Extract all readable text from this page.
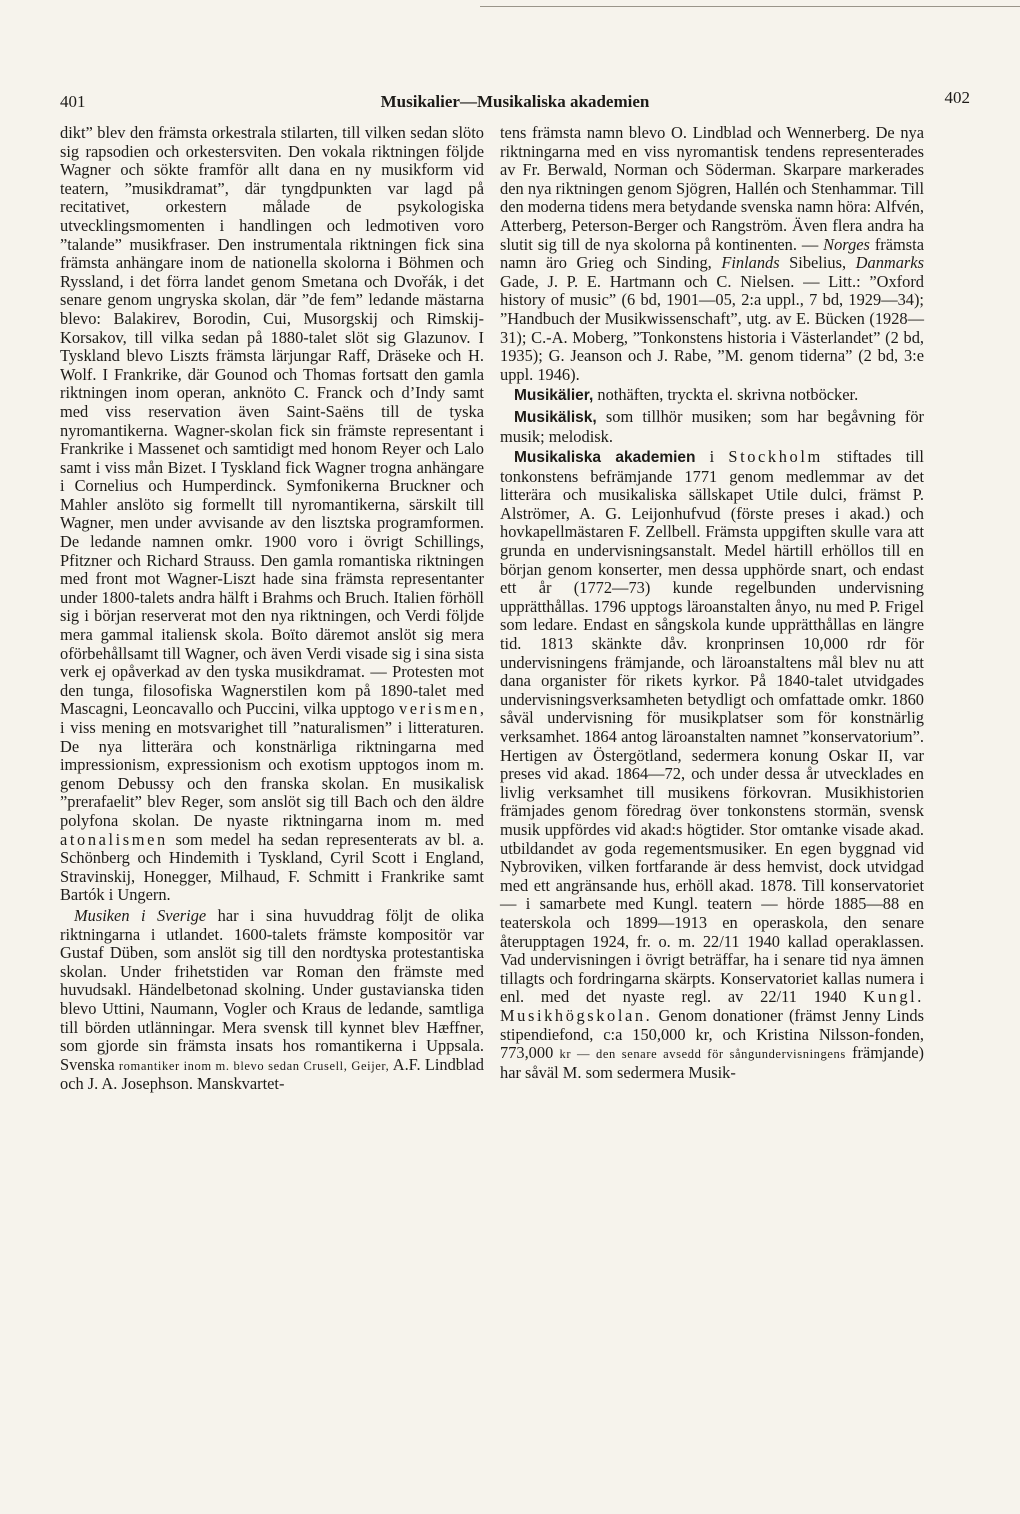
401	Musikalier—Musikaliska akademien	402

dikt” blev den främsta orkestrala stilarten, till vilken sedan slöto sig rapsodien och orkestersviten. Den vokala riktningen följde Wagner och sökte framför allt dana en ny musikform vid teatern, ”musikdramat”, där tyngdpunkten var lagd på recitativet, orkestern målade de psykologiska utvecklingsmomenten i handlingen och ledmotiven voro ”talande” musikfraser. Den instrumentala riktningen fick sina främsta anhängare inom de nationella skolorna i Böhmen och Ryssland, i det förra landet genom Smetana och Dvořák, i det senare genom ungryska skolan, där ”de fem” ledande mästarna blevo: Balakirev, Borodin, Cui, Musorgskij och Rimskij-Korsakov, till vilka sedan på 1880-talet slöt sig Glazunov. I Tyskland blevo Liszts främsta lärjungar Raff, Dräseke och H. Wolf. I Frankrike, där Gounod och Thomas fortsatt den gamla riktningen inom operan, anknöto C. Franck och d’Indy samt med viss reservation även Saint-Saëns till de tyska nyromantikerna. Wagner-skolan fick sin främste representant i Frankrike i Massenet och samtidigt med honom Reyer och Lalo samt i viss mån Bizet. I Tyskland fick Wagner trogna anhängare i Cornelius och Humperdinck. Symfonikerna Bruckner och Mahler anslöto sig formellt till nyromantikerna, särskilt till Wagner, men under avvisande av den lisztska programformen. De ledande namnen omkr. 1900 voro i övrigt Schillings, Pfitzner och Richard Strauss. Den gamla romantiska riktningen med front mot Wagner-Liszt hade sina främsta representanter under 1800-talets andra hälft i Brahms och Bruch. Italien förhöll sig i början reserverat mot den nya riktningen, och Verdi följde mera gammal italiensk skola. Boïto däremot anslöt sig mera oförbehållsamt till Wagner, och även Verdi visade sig i sina sista verk ej opåverkad av den tyska musikdramat. — Protesten mot den tunga, filosofiska Wagnerstilen kom på 1890-talet med Mascagni, Leoncavallo och Puccini, vilka upptogo verismen, i viss mening en motsvarighet till ”naturalismen” i litteraturen. De nya litterära och konstnärliga riktningarna med impressionism, expressionism och exotism upptogos inom m. genom Debussy och den franska skolan. En musikalisk ”prerafaelit” blev Reger, som anslöt sig till Bach och den äldre polyfona skolan. De nyaste riktningarna inom m. med atonalismen som medel ha sedan representerats av bl. a. Schönberg och Hindemith i Tyskland, Cyril Scott i England, Stravinskij, Honegger, Milhaud, F. Schmitt i Frankrike samt Bartók i Ungern.

Musiken i Sverige har i sina huvuddrag följt de olika riktningarna i utlandet. 1600-talets främste kompositör var Gustaf Düben, som anslöt sig till den nordtyska protestantiska skolan. Under frihetstiden var Roman den främste med huvudsakl. Händelbetonad skolning. Under gustavianska tiden blevo Uttini, Naumann, Vogler och Kraus de ledande, samtliga till börden utlänningar. Mera svensk till kynnet blev Hæffner, som gjorde sin främsta insats hos romantikerna i Uppsala. Svenska romantiker inom m. blevo sedan Crusell, Geijer, A.F. Lindblad och J. A. Josephson. Manskvartet-

tens främsta namn blevo O. Lindblad och Wennerberg. De nya riktningarna med en viss nyromantisk tendens representerades av Fr. Berwald, Norman och Söderman. Skarpare markerades den nya riktningen genom Sjögren, Hallén och Stenhammar. Till den moderna tidens mera betydande svenska namn höra: Alfvén, Atterberg, Peterson-Berger och Rangström. Även flera andra ha slutit sig till de nya skolorna på kontinenten. — Norges främsta namn äro Grieg och Sinding, Finlands Sibelius, Danmarks Gade, J. P. E. Hartmann och C. Nielsen. — Litt.: ”Oxford history of music” (6 bd, 1901—05, 2:a uppl., 7 bd, 1929—34); ”Handbuch der Musikwissenschaft”, utg. av E. Bücken (1928—31); C.-A. Moberg, ”Tonkonstens historia i Västerlandet” (2 bd, 1935); G. Jeanson och J. Rabe, ”M. genom tiderna” (2 bd, 3:e uppl. 1946).

Musikälier, nothäften, tryckta el. skrivna notböcker.

Musikälisk, som tillhör musiken; som har begåvning för musik; melodisk.

Musikaliska akademien i Stockholm stiftades till tonkonstens befrämjande 1771 genom medlemmar av det litterära och musikaliska sällskapet Utile dulci, främst P. Alströmer, A. G. Leijonhufvud (förste preses i akad.) och hovkapellmästaren F. Zellbell. Främsta uppgiften skulle vara att grunda en undervisningsanstalt. Medel härtill erhöllos till en början genom konserter, men dessa upphörde snart, och endast ett år (1772—73) kunde regelbunden undervisning upprätthållas. 1796 upptogs läroanstalten ånyo, nu med P. Frigel som ledare. Endast en sångskola kunde upprätthållas en längre tid. 1813 skänkte dåv. kronprinsen 10,000 rdr för undervisningens främjande, och läroanstaltens mål blev nu att dana organister för rikets kyrkor. På 1840-talet utvidgades undervisningsverksamheten betydligt och omfattade omkr. 1860 såväl undervisning för musikplatser som för konstnärlig verksamhet. 1864 antog läroanstalten namnet ”konservatorium”. Hertigen av Östergötland, sedermera konung Oskar II, var preses vid akad. 1864—72, och under dessa år utvecklades en livlig verksamhet till musikens förkovran. Musikhistorien främjades genom föredrag över tonkonstens stormän, svensk musik uppfördes vid akad:s högtider. Stor omtanke visade akad. utbildandet av goda regementsmusiker. En egen byggnad vid Nybroviken, vilken fortfarande är dess hemvist, dock utvidgad med ett angränsande hus, erhöll akad. 1878. Till konservatoriet — i samarbete med Kungl. teatern — hörde 1885—88 en teaterskola och 1899—1913 en operaskola, den senare återupptagen 1924, fr. o. m. 22/11 1940 kallad operaklassen. Vad undervisningen i övrigt beträffar, ha i senare tid nya ämnen tillagts och fordringarna skärpts. Konservatoriet kallas numera i enl. med det nyaste regl. av 22/11 1940 Kungl. Musikhögskolan. Genom donationer (främst Jenny Linds stipendiefond, c:a 150,000 kr, och Kristina Nilsson-fonden, 773,000 kr — den senare avsedd för sångundervisningens främjande) har såväl M. som sedermera Musik-
